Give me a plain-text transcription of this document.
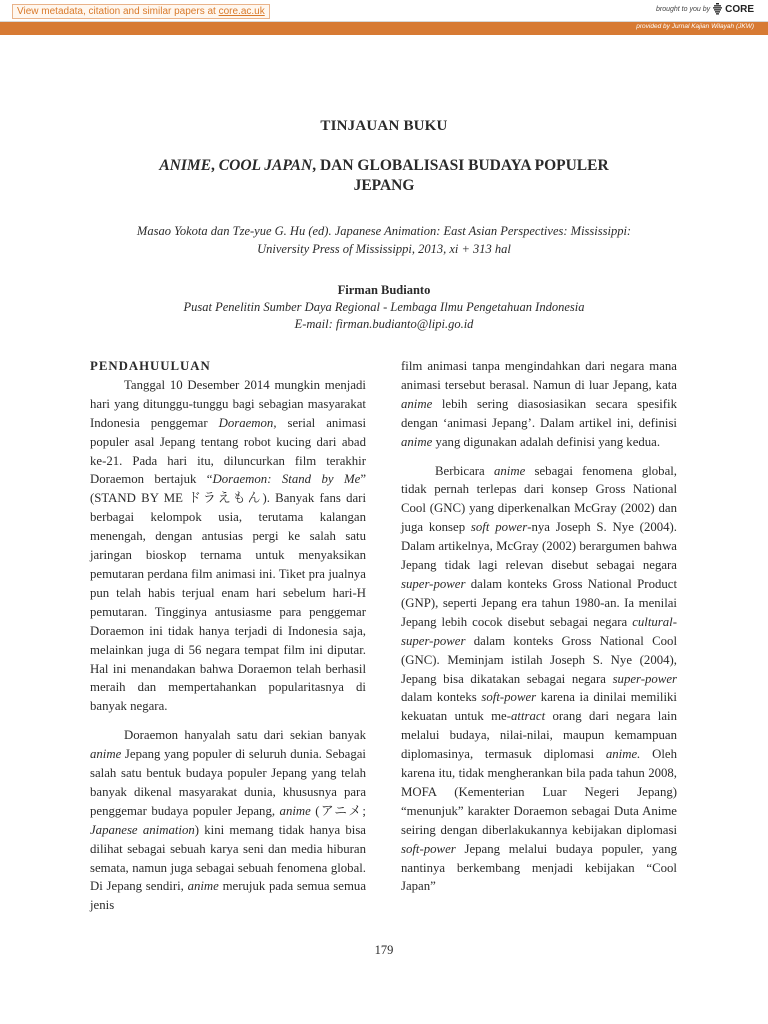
View metadata, citation and similar papers at core.ac.uk	brought to you by CORE
provided by Jurnal Kajian Wilayah (JKW)

TINJAUAN BUKU

ANIME, COOL JAPAN, DAN GLOBALISASI BUDAYA POPULER
JEPANG
Masao Yokota dan Tze-yue G. Hu (ed). Japanese Animation: East Asian Perspectives: Mississippi:
University Press of Mississippi, 2013, xi + 313 hal
Firman Budianto
Pusat Penelitin Sumber Daya Regional - Lembaga Ilmu Pengetahuan Indonesia
E-mail: firman.budianto@lipi.go.id

PENDAHUULUAN

Tanggal 10 Desember 2014 mungkin menjadi hari yang ditunggu-tunggu bagi sebagian masyarakat Indonesia penggemar Doraemon, serial animasi populer asal Jepang tentang robot kucing dari abad ke-21. Pada hari itu, diluncurkan film terakhir Doraemon bertajuk “Doraemon: Stand by Me” (STAND BY ME ドラえもん). Banyak fans dari berbagai kelompok usia, terutama kalangan menengah, dengan antusias pergi ke salah satu jaringan bioskop ternama untuk menyaksikan pemutaran perdana film animasi ini. Tiket pra jualnya pun telah habis terjual enam hari sebelum hari-H pemutaran. Tingginya antusiasme para penggemar Doraemon ini tidak hanya terjadi di Indonesia saja, melainkan juga di 56 negara tempat film ini diputar. Hal ini menandakan bahwa Doraemon telah berhasil meraih dan mempertahankan popularitasnya di banyak negara.

Doraemon hanyalah satu dari sekian banyak anime Jepang yang populer di seluruh dunia. Sebagai salah satu bentuk budaya populer Jepang yang telah banyak dikenal masyarakat dunia, khususnya para penggemar budaya populer Jepang, anime (アニメ; Japanese animation) kini memang tidak hanya bisa dilihat sebagai sebuah karya seni dan media hiburan semata, namun juga sebagai sebuah fenomena global. Di Jepang sendiri, anime merujuk pada semua semua jenis

film animasi tanpa mengindahkan dari negara mana animasi tersebut berasal. Namun di luar Jepang, kata anime lebih sering diasosiasikan secara spesifik dengan ‘animasi Jepang’. Dalam artikel ini, definisi anime yang digunakan adalah definisi yang kedua.

Berbicara anime sebagai fenomena global, tidak pernah terlepas dari konsep Gross National Cool (GNC) yang diperkenalkan McGray (2002) dan juga konsep soft power-nya Joseph S. Nye (2004). Dalam artikelnya, McGray (2002) berargumen bahwa Jepang tidak lagi relevan disebut sebagai negara super-power dalam konteks Gross National Product (GNP), seperti Jepang era tahun 1980-an. Ia menilai Jepang lebih cocok disebut sebagai negara cultural-super-power dalam konteks Gross National Cool (GNC). Meminjam istilah Joseph S. Nye (2004), Jepang bisa dikatakan sebagai negara super-power dalam konteks soft-power karena ia dinilai memiliki kekuatan untuk me-attract orang dari negara lain melalui budaya, nilai-nilai, maupun kemampuan diplomasinya, termasuk diplomasi anime. Oleh karena itu, tidak mengherankan bila pada tahun 2008, MOFA (Kementerian Luar Negeri Jepang) “menunjuk” karakter Doraemon sebagai Duta Anime seiring dengan diberlakukannya kebijakan diplomasi soft-power Jepang melalui budaya populer, yang nantinya berkembang menjadi kebijakan “Cool Japan”

179
